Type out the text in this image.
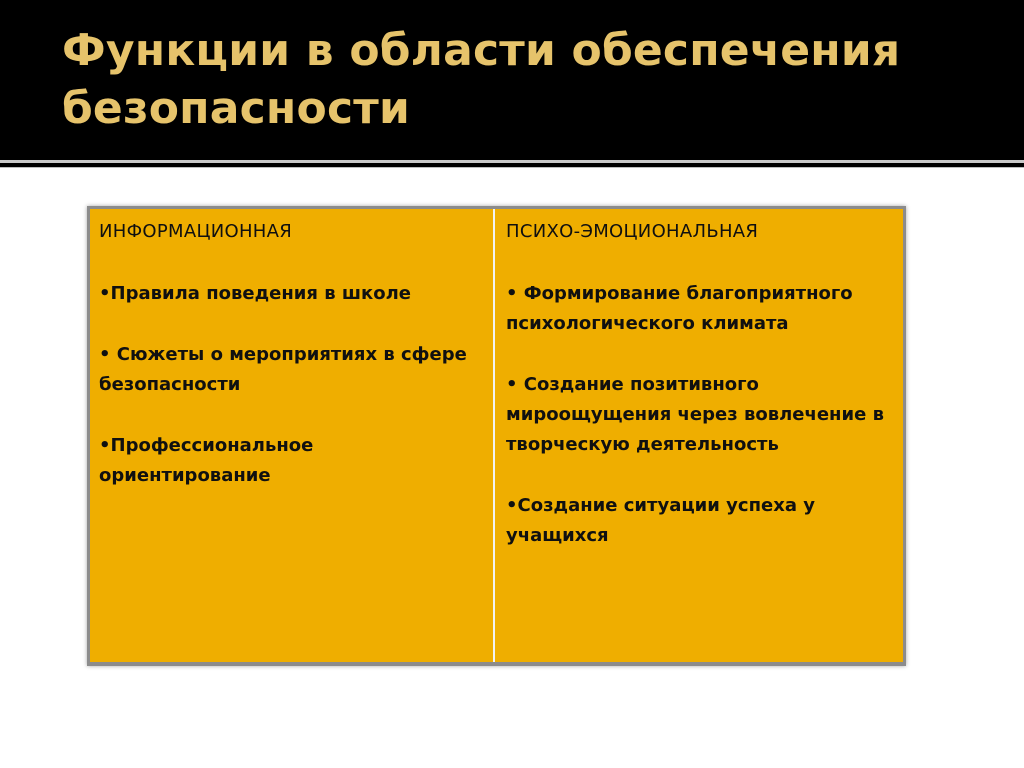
Функции в области обеспечения безопасности
ИНФОРМАЦИОННАЯ
•Правила поведения в школе
• Сюжеты о мероприятиях в сфере безопасности
•Профессиональное ориентирование
ПСИХО-ЭМОЦИОНАЛЬНАЯ
• Формирование благоприятного психологического климата
• Создание позитивного мироощущения через вовлечение в творческую деятельность
•Создание ситуации успеха у учащихся
